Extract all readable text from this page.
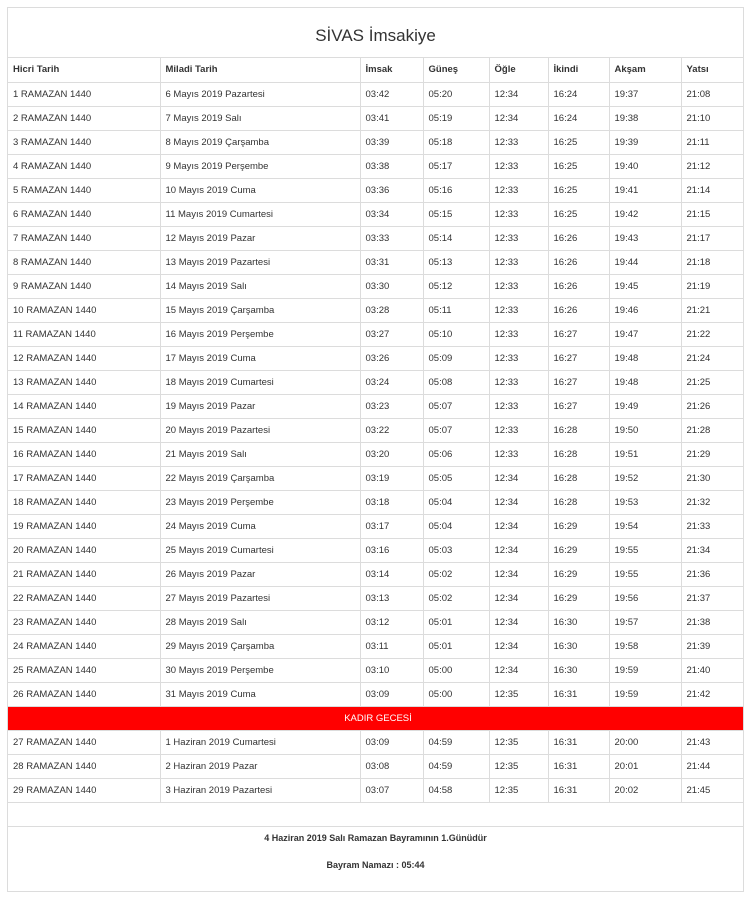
SİVAS İmsakiye
Hicri Tarih	Miladi Tarih	İmsak	Güneş	Öğle	İkindi	Akşam	Yatsı
1 RAMAZAN 1440	6 Mayıs 2019 Pazartesi	03:42	05:20	12:34	16:24	19:37	21:08
2 RAMAZAN 1440	7 Mayıs 2019 Salı	03:41	05:19	12:34	16:24	19:38	21:10
3 RAMAZAN 1440	8 Mayıs 2019 Çarşamba	03:39	05:18	12:33	16:25	19:39	21:11
4 RAMAZAN 1440	9 Mayıs 2019 Perşembe	03:38	05:17	12:33	16:25	19:40	21:12
5 RAMAZAN 1440	10 Mayıs 2019 Cuma	03:36	05:16	12:33	16:25	19:41	21:14
6 RAMAZAN 1440	11 Mayıs 2019 Cumartesi	03:34	05:15	12:33	16:25	19:42	21:15
7 RAMAZAN 1440	12 Mayıs 2019 Pazar	03:33	05:14	12:33	16:26	19:43	21:17
8 RAMAZAN 1440	13 Mayıs 2019 Pazartesi	03:31	05:13	12:33	16:26	19:44	21:18
9 RAMAZAN 1440	14 Mayıs 2019 Salı	03:30	05:12	12:33	16:26	19:45	21:19
10 RAMAZAN 1440	15 Mayıs 2019 Çarşamba	03:28	05:11	12:33	16:26	19:46	21:21
11 RAMAZAN 1440	16 Mayıs 2019 Perşembe	03:27	05:10	12:33	16:27	19:47	21:22
12 RAMAZAN 1440	17 Mayıs 2019 Cuma	03:26	05:09	12:33	16:27	19:48	21:24
13 RAMAZAN 1440	18 Mayıs 2019 Cumartesi	03:24	05:08	12:33	16:27	19:48	21:25
14 RAMAZAN 1440	19 Mayıs 2019 Pazar	03:23	05:07	12:33	16:27	19:49	21:26
15 RAMAZAN 1440	20 Mayıs 2019 Pazartesi	03:22	05:07	12:33	16:28	19:50	21:28
16 RAMAZAN 1440	21 Mayıs 2019 Salı	03:20	05:06	12:33	16:28	19:51	21:29
17 RAMAZAN 1440	22 Mayıs 2019 Çarşamba	03:19	05:05	12:34	16:28	19:52	21:30
18 RAMAZAN 1440	23 Mayıs 2019 Perşembe	03:18	05:04	12:34	16:28	19:53	21:32
19 RAMAZAN 1440	24 Mayıs 2019 Cuma	03:17	05:04	12:34	16:29	19:54	21:33
20 RAMAZAN 1440	25 Mayıs 2019 Cumartesi	03:16	05:03	12:34	16:29	19:55	21:34
21 RAMAZAN 1440	26 Mayıs 2019 Pazar	03:14	05:02	12:34	16:29	19:55	21:36
22 RAMAZAN 1440	27 Mayıs 2019 Pazartesi	03:13	05:02	12:34	16:29	19:56	21:37
23 RAMAZAN 1440	28 Mayıs 2019 Salı	03:12	05:01	12:34	16:30	19:57	21:38
24 RAMAZAN 1440	29 Mayıs 2019 Çarşamba	03:11	05:01	12:34	16:30	19:58	21:39
25 RAMAZAN 1440	30 Mayıs 2019 Perşembe	03:10	05:00	12:34	16:30	19:59	21:40
26 RAMAZAN 1440	31 Mayıs 2019 Cuma	03:09	05:00	12:35	16:31	19:59	21:42
KADIR GECESİ							
27 RAMAZAN 1440	1 Haziran 2019 Cumartesi	03:09	04:59	12:35	16:31	20:00	21:43
28 RAMAZAN 1440	2 Haziran 2019 Pazar	03:08	04:59	12:35	16:31	20:01	21:44
29 RAMAZAN 1440	3 Haziran 2019 Pazartesi	03:07	04:58	12:35	16:31	20:02	21:45

4 Haziran 2019 Salı Ramazan Bayramının 1.Günüdür
Bayram Namazı : 05:44
